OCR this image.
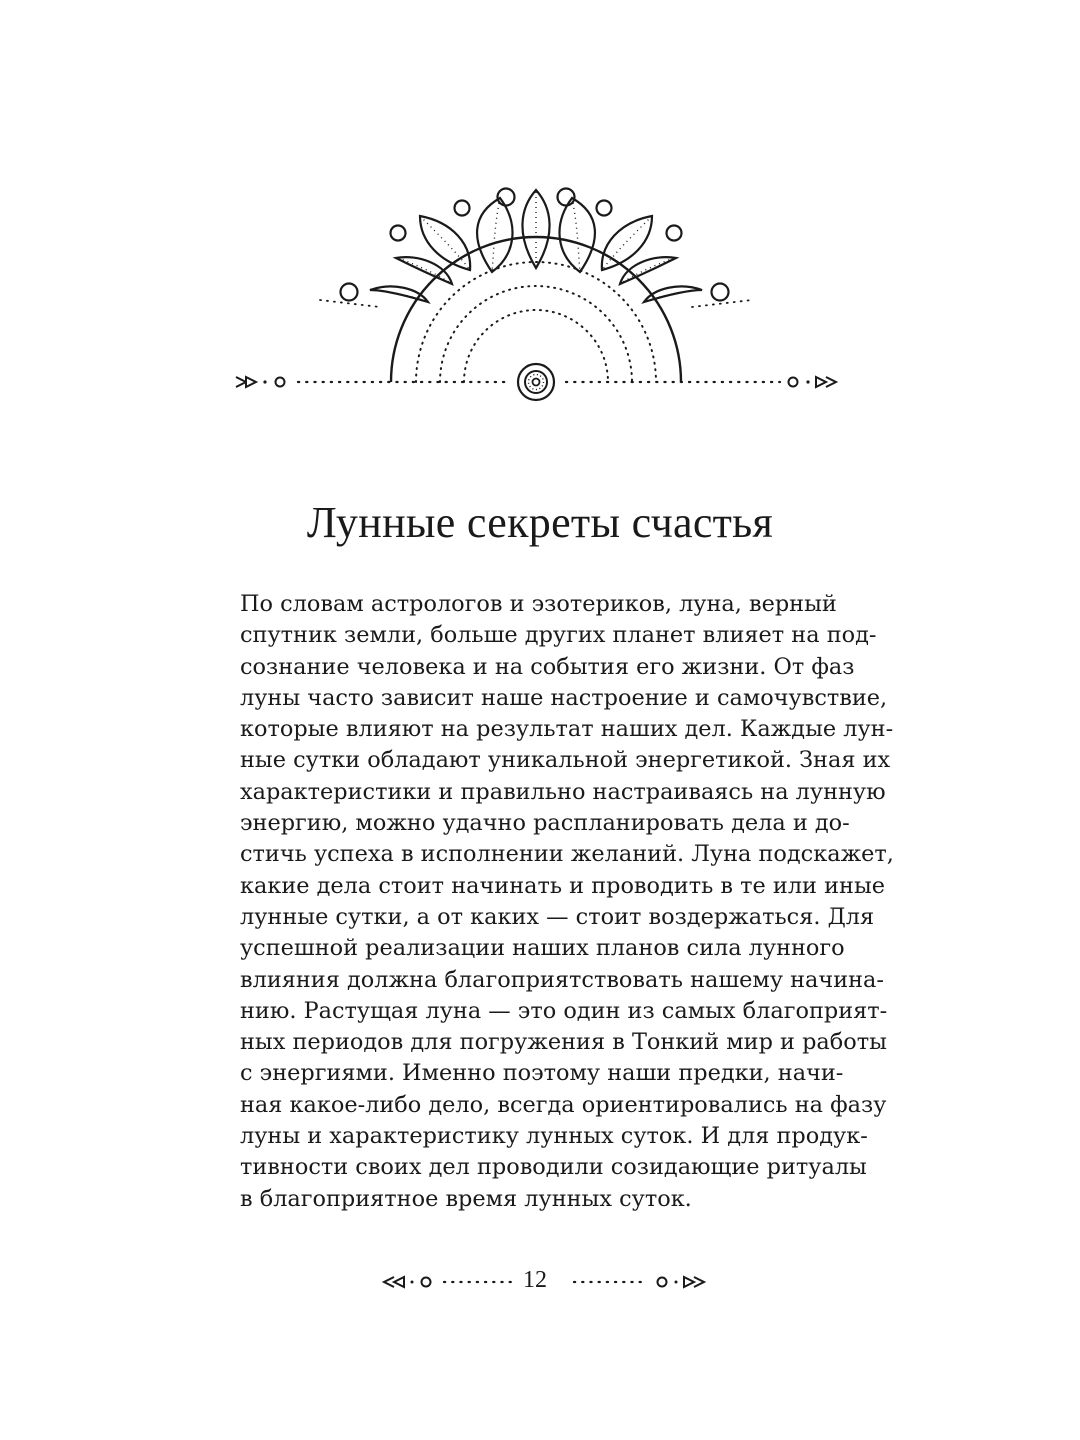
Лунные секреты счастья
По словам астрологов и эзотериков, луна, верный
спутник земли, больше других планет влияет на под-
сознание человека и на события его жизни. От фаз
луны часто зависит наше настроение и самочувствие,
которые влияют на результат наших дел. Каждые лун-
ные сутки обладают уникальной энергетикой. Зная их
характеристики и правильно настраиваясь на лунную
энергию, можно удачно распланировать дела и до-
стичь успеха в исполнении желаний. Луна подскажет,
какие дела стоит начинать и проводить в те или иные
лунные сутки, а от каких — стоит воздержаться. Для
успешной реализации наших планов сила лунного
влияния должна благоприятствовать нашему начина-
нию. Растущая луна — это один из самых благоприят-
ных периодов для погружения в Тонкий мир и работы
с энергиями. Именно поэтому наши предки, начи-
ная какое-либо дело, всегда ориентировались на фазу
луны и характеристику лунных суток. И для продук-
тивности своих дел проводили созидающие ритуалы
в благоприятное время лунных суток.
12
